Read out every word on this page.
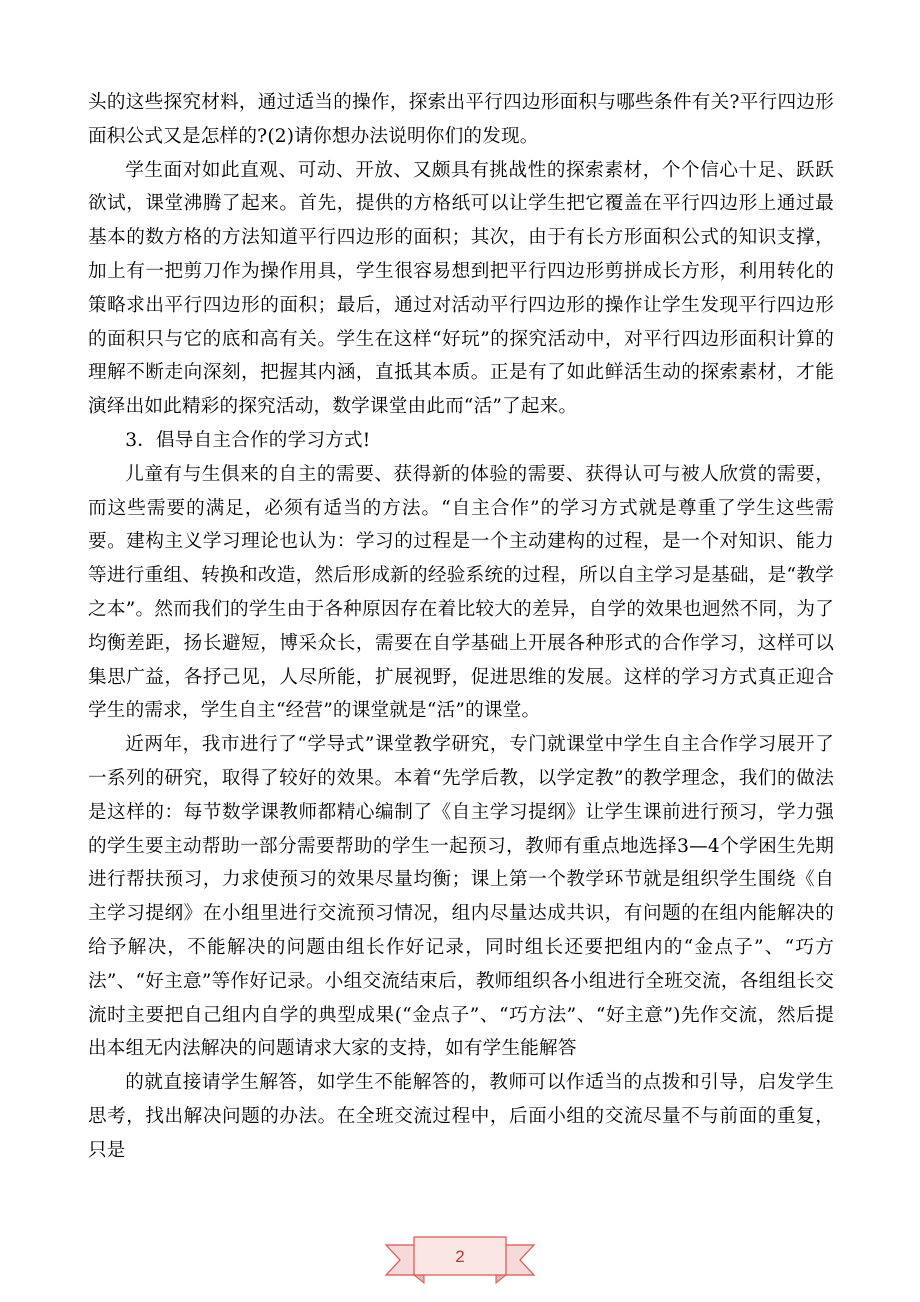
头的这些探究材料，通过适当的操作，探索出平行四边形面积与哪些条件有关?平行四边形面积公式又是怎样的?(2)请你想办法说明你们的发现。

学生面对如此直观、可动、开放、又颇具有挑战性的探索素材，个个信心十足、跃跃欲试，课堂沸腾了起来。首先，提供的方格纸可以让学生把它覆盖在平行四边形上通过最基本的数方格的方法知道平行四边形的面积；其次，由于有长方形面积公式的知识支撑，加上有一把剪刀作为操作用具，学生很容易想到把平行四边形剪拼成长方形，利用转化的策略求出平行四边形的面积；最后，通过对活动平行四边形的操作让学生发现平行四边形的面积只与它的底和高有关。学生在这样“好玩”的探究活动中，对平行四边形面积计算的理解不断走向深刻，把握其内涵，直抵其本质。正是有了如此鲜活生动的探索素材，才能演绎出如此精彩的探究活动，数学课堂由此而“活”了起来。

3．倡导自主合作的学习方式!

儿童有与生俱来的自主的需要、获得新的体验的需要、获得认可与被人欣赏的需要，而这些需要的满足，必须有适当的方法。“自主合作”的学习方式就是尊重了学生这些需要。建构主义学习理论也认为：学习的过程是一个主动建构的过程，是一个对知识、能力等进行重组、转换和改造，然后形成新的经验系统的过程，所以自主学习是基础，是“教学之本”。然而我们的学生由于各种原因存在着比较大的差异，自学的效果也迥然不同，为了均衡差距，扬长避短，博采众长，需要在自学基础上开展各种形式的合作学习，这样可以集思广益，各抒己见，人尽所能，扩展视野，促进思维的发展。这样的学习方式真正迎合学生的需求，学生自主“经营”的课堂就是“活”的课堂。

近两年，我市进行了“学导式”课堂教学研究，专门就课堂中学生自主合作学习展开了一系列的研究，取得了较好的效果。本着“先学后教，以学定教”的教学理念，我们的做法是这样的：每节数学课教师都精心编制了《自主学习提纲》让学生课前进行预习，学力强的学生要主动帮助一部分需要帮助的学生一起预习，教师有重点地选择3—4个学困生先期进行帮扶预习，力求使预习的效果尽量均衡；课上第一个教学环节就是组织学生围绕《自主学习提纲》在小组里进行交流预习情况，组内尽量达成共识，有问题的在组内能解决的给予解决，不能解决的问题由组长作好记录，同时组长还要把组内的“金点子”、“巧方法”、“好主意”等作好记录。小组交流结束后，教师组织各小组进行全班交流，各组组长交流时主要把自己组内自学的典型成果(“金点子”、“巧方法”、“好主意”)先作交流，然后提出本组无内法解决的问题请求大家的支持，如有学生能解答

的就直接请学生解答，如学生不能解答的，教师可以作适当的点拨和引导，启发学生思考，找出解决问题的办法。在全班交流过程中，后面小组的交流尽量不与前面的重复，只是

2
